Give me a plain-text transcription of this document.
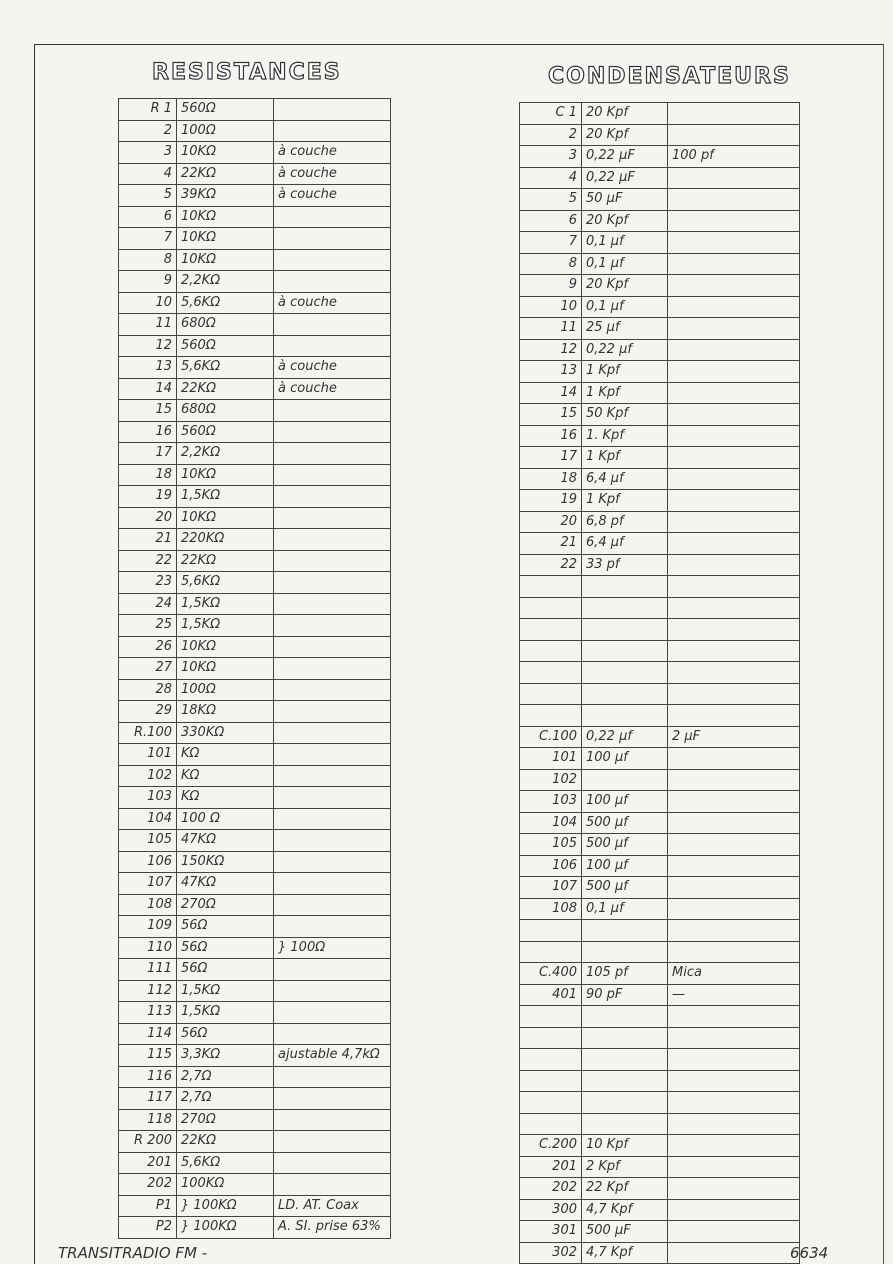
RESISTANCES	CONDENSATEURS
R 1	560Ω	
2	100Ω	
3	10KΩ	à couche
4	22KΩ	à couche
5	39KΩ	à couche
6	10KΩ	
7	10KΩ	
8	10KΩ	
9	2,2KΩ	
10	5,6KΩ	à couche
11	680Ω	
12	560Ω	
13	5,6KΩ	à couche
14	22KΩ	à couche
15	680Ω	
16	560Ω	
17	2,2KΩ	
18	10KΩ	
19	1,5KΩ	
20	10KΩ	
21	220KΩ	
22	22KΩ	
23	5,6KΩ	
24	1,5KΩ	
25	1,5KΩ	
26	10KΩ	
27	10KΩ	
28	100Ω	
29	18KΩ	
R.100	330KΩ	
101	KΩ	
102	KΩ	
103	KΩ	
104	100 Ω	
105	47KΩ	
106	150KΩ	
107	47KΩ	
108	270Ω	
109	56Ω	
110	56Ω	} 100Ω
111	56Ω	
112	1,5KΩ	
113	1,5KΩ	
114	56Ω	
115	3,3KΩ	ajustable 4,7kΩ
116	2,7Ω	
117	2,7Ω	
118	270Ω	
R 200	22KΩ	
201	5,6KΩ	
202	100KΩ	
P1	} 100KΩ	LD. AT. Coax
P2	} 100KΩ	A. SI. prise 63%
C 1	20 Kpf	
2	20 Kpf	
3	0,22 µF	100 pf
4	0,22 µF	
5	50 µF	
6	20 Kpf	
7	0,1 µf	
8	0,1 µf	
9	20 Kpf	
10	0,1 µf	
11	25 µf	
12	0,22 µf	
13	1 Kpf	
14	1 Kpf	
15	50 Kpf	
16	1. Kpf	
17	1 Kpf	
18	6,4 µf	
19	1 Kpf	
20	6,8 pf	
21	6,4 µf	
22	33 pf	

C.100	0,22 µf	2 µF
101	100 µf	
102		
103	100 µf	
104	500 µf	
105	500 µf	
106	100 µf	
107	500 µf	
108	0,1 µf	

C.400	105 pf	Mica
401	90 pF	—

C.200	10 Kpf	
201	2 Kpf	
202	22 Kpf	
300	4,7 Kpf	
301	500 µF	
302	4,7 Kpf	
TRANSITRADIO FM -	6634
